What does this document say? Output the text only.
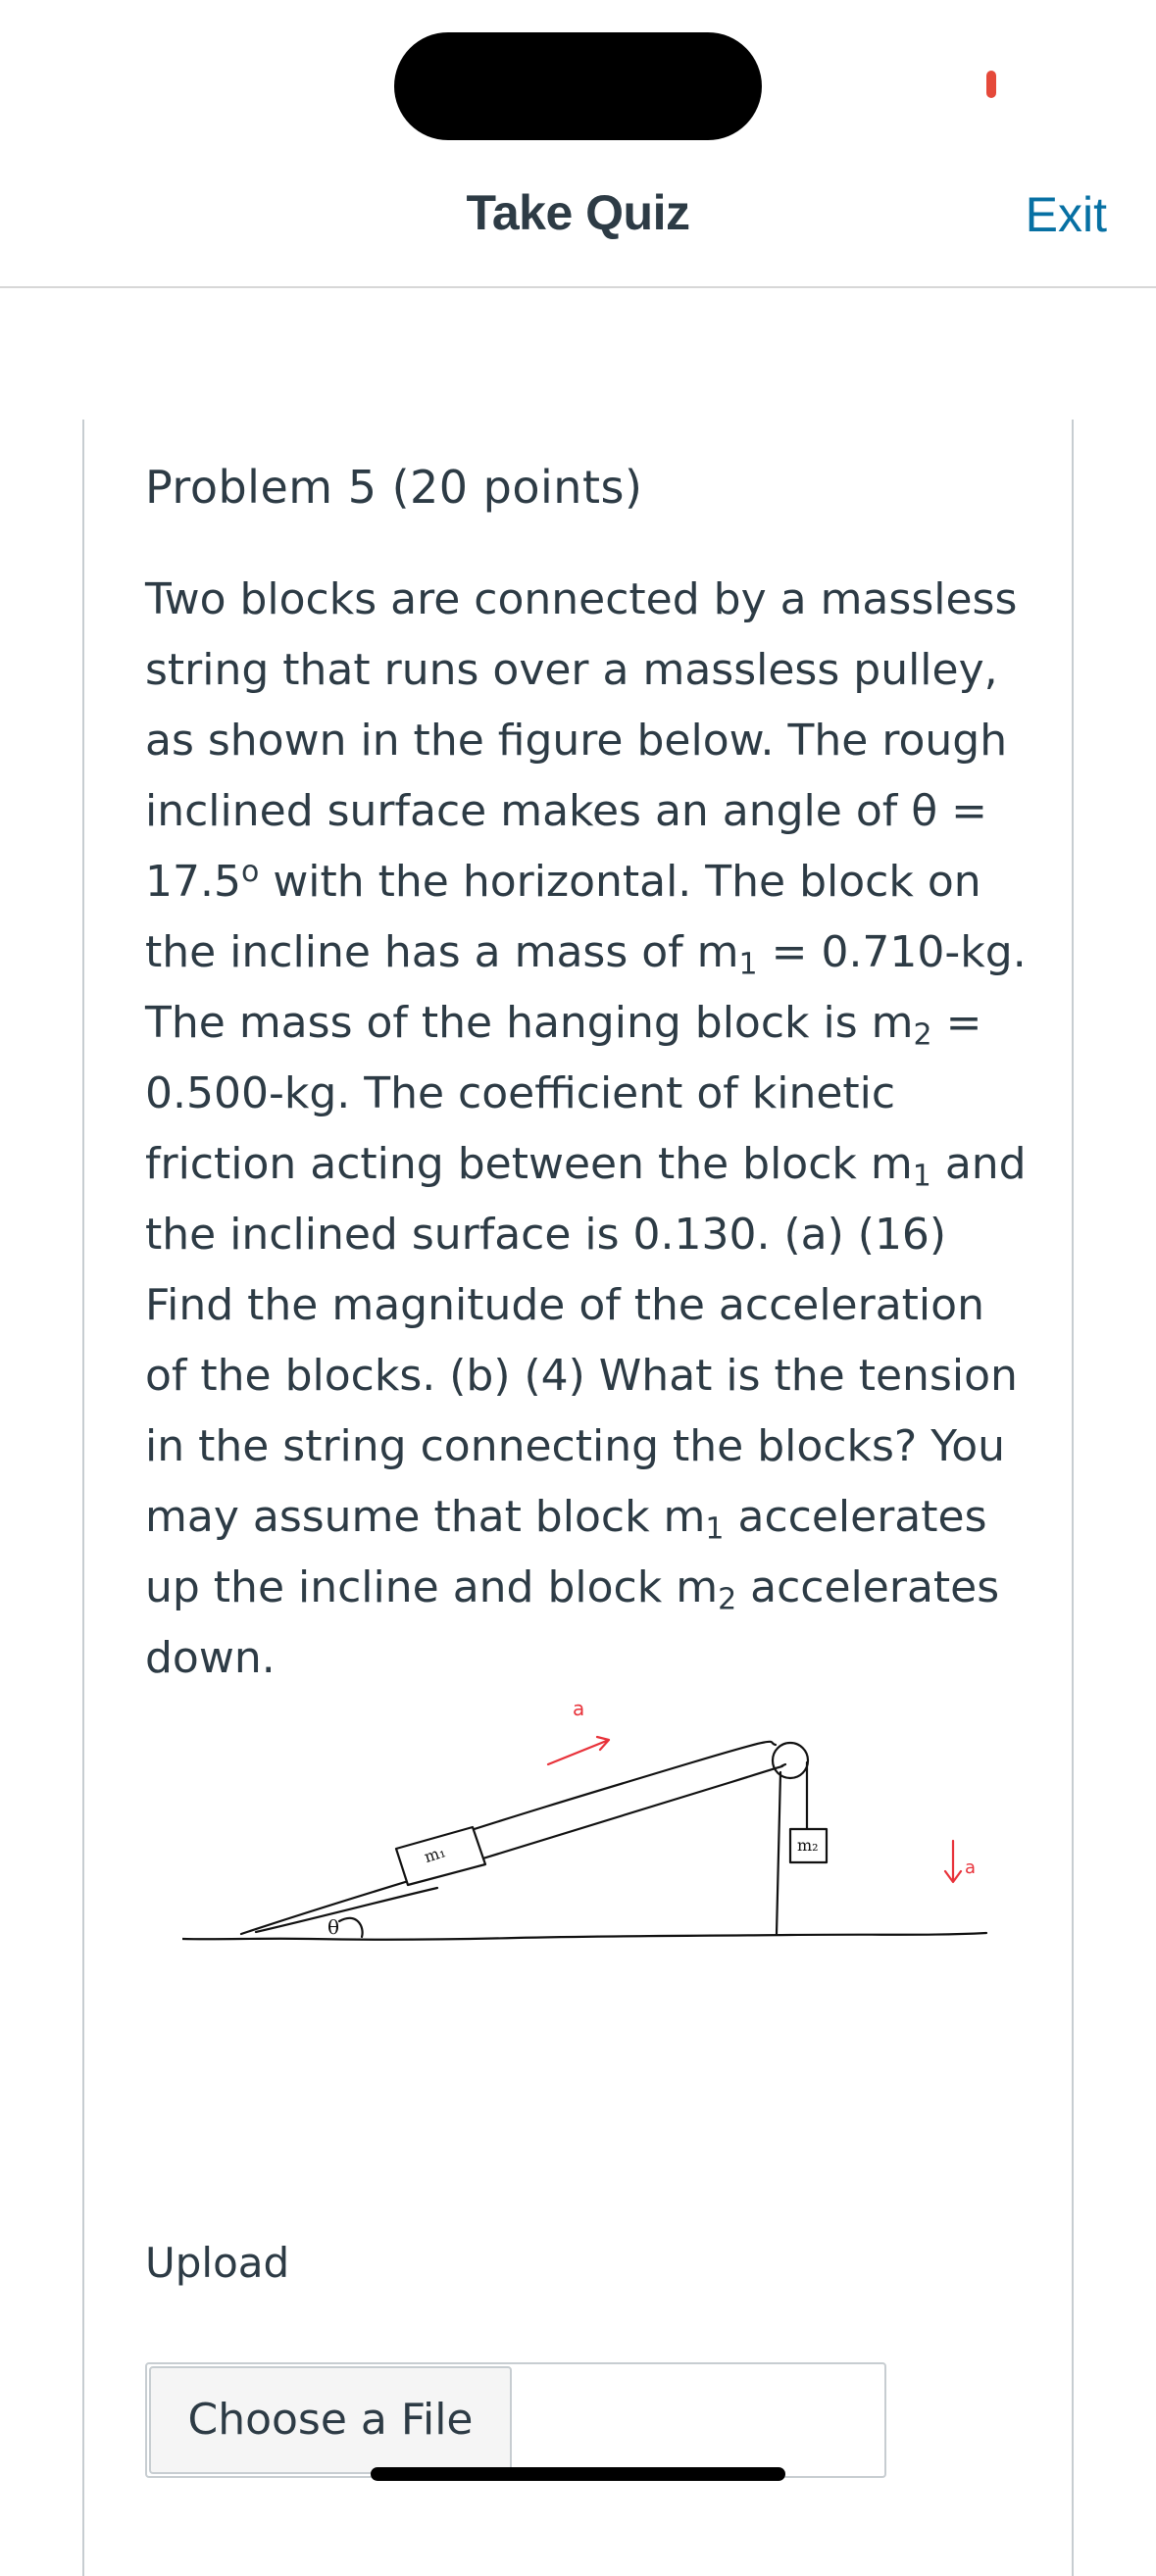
Take Quiz	Exit
Problem 5 (20 points)
Two blocks are connected by a massless string that runs over a massless pulley, as shown in the figure below. The rough inclined surface makes an angle of $\theta = 17.5^o$ with the horizontal. The block on the incline has a mass of $m_1 = 0.710-kg$. The mass of the hanging block is $m_2 = 0.500-kg$. The coefficient of kinetic friction acting between the block $m_1$ and the inclined surface is 0.130. (a) (16) Find the magnitude of the acceleration of the blocks. (b) (4) What is the tension in the string connecting the blocks? You may assume that block $m_1$ accelerates up the incline and block $m_2$ accelerates down.
θ
m₁	m₂
a
a
Upload
Choose a File
